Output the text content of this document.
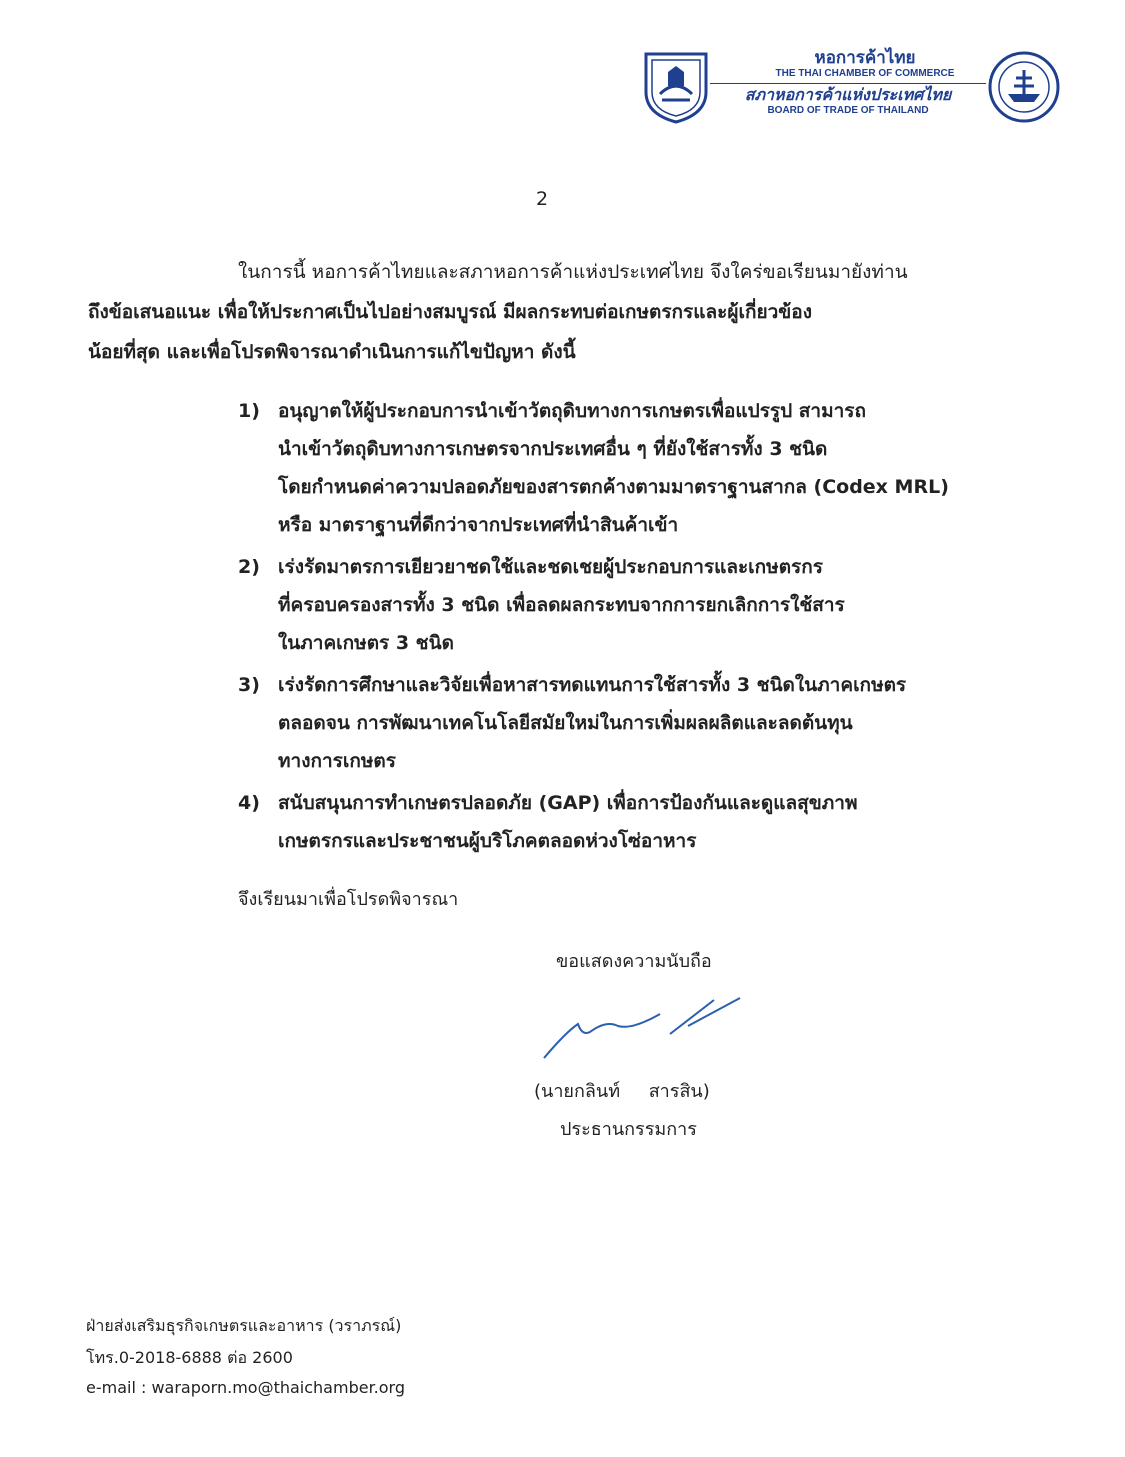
หอการค้าไทย
THE THAI CHAMBER OF COMMERCE
สภาหอการค้าแห่งประเทศไทย
BOARD OF TRADE OF THAILAND
2
ในการนี้ หอการค้าไทยและสภาหอการค้าแห่งประเทศไทย จึงใคร่ขอเรียนมายังท่าน
ถึงข้อเสนอแนะ เพื่อให้ประกาศเป็นไปอย่างสมบูรณ์ มีผลกระทบต่อเกษตรกรและผู้เกี่ยวข้อง
น้อยที่สุด และเพื่อโปรดพิจารณาดำเนินการแก้ไขปัญหา ดังนี้
1) อนุญาตให้ผู้ประกอบการนำเข้าวัตถุดิบทางการเกษตรเพื่อแปรรูป สามารถ
นำเข้าวัตถุดิบทางการเกษตรจากประเทศอื่น ๆ ที่ยังใช้สารทั้ง 3 ชนิด
โดยกำหนดค่าความปลอดภัยของสารตกค้างตามมาตราฐานสากล (Codex MRL)
หรือ มาตราฐานที่ดีกว่าจากประเทศที่นำสินค้าเข้า
2) เร่งรัดมาตรการเยียวยาชดใช้และชดเชยผู้ประกอบการและเกษตรกร
ที่ครอบครองสารทั้ง 3 ชนิด เพื่อลดผลกระทบจากการยกเลิกการใช้สาร
ในภาคเกษตร 3 ชนิด
3) เร่งรัดการศึกษาและวิจัยเพื่อหาสารทดแทนการใช้สารทั้ง 3 ชนิดในภาคเกษตร
ตลอดจน การพัฒนาเทคโนโลยีสมัยใหม่ในการเพิ่มผลผลิตและลดต้นทุน
ทางการเกษตร
4) สนับสนุนการทำเกษตรปลอดภัย (GAP) เพื่อการป้องกันและดูแลสุขภาพ
เกษตรกรและประชาชนผู้บริโภคตลอดห่วงโซ่อาหาร
จึงเรียนมาเพื่อโปรดพิจารณา
ขอแสดงความนับถือ
(นายกลินท์     สารสิน)
ประธานกรรมการ
ฝ่ายส่งเสริมธุรกิจเกษตรและอาหาร (วราภรณ์)
โทร.0-2018-6888 ต่อ 2600
e-mail : waraporn.mo@thaichamber.org
